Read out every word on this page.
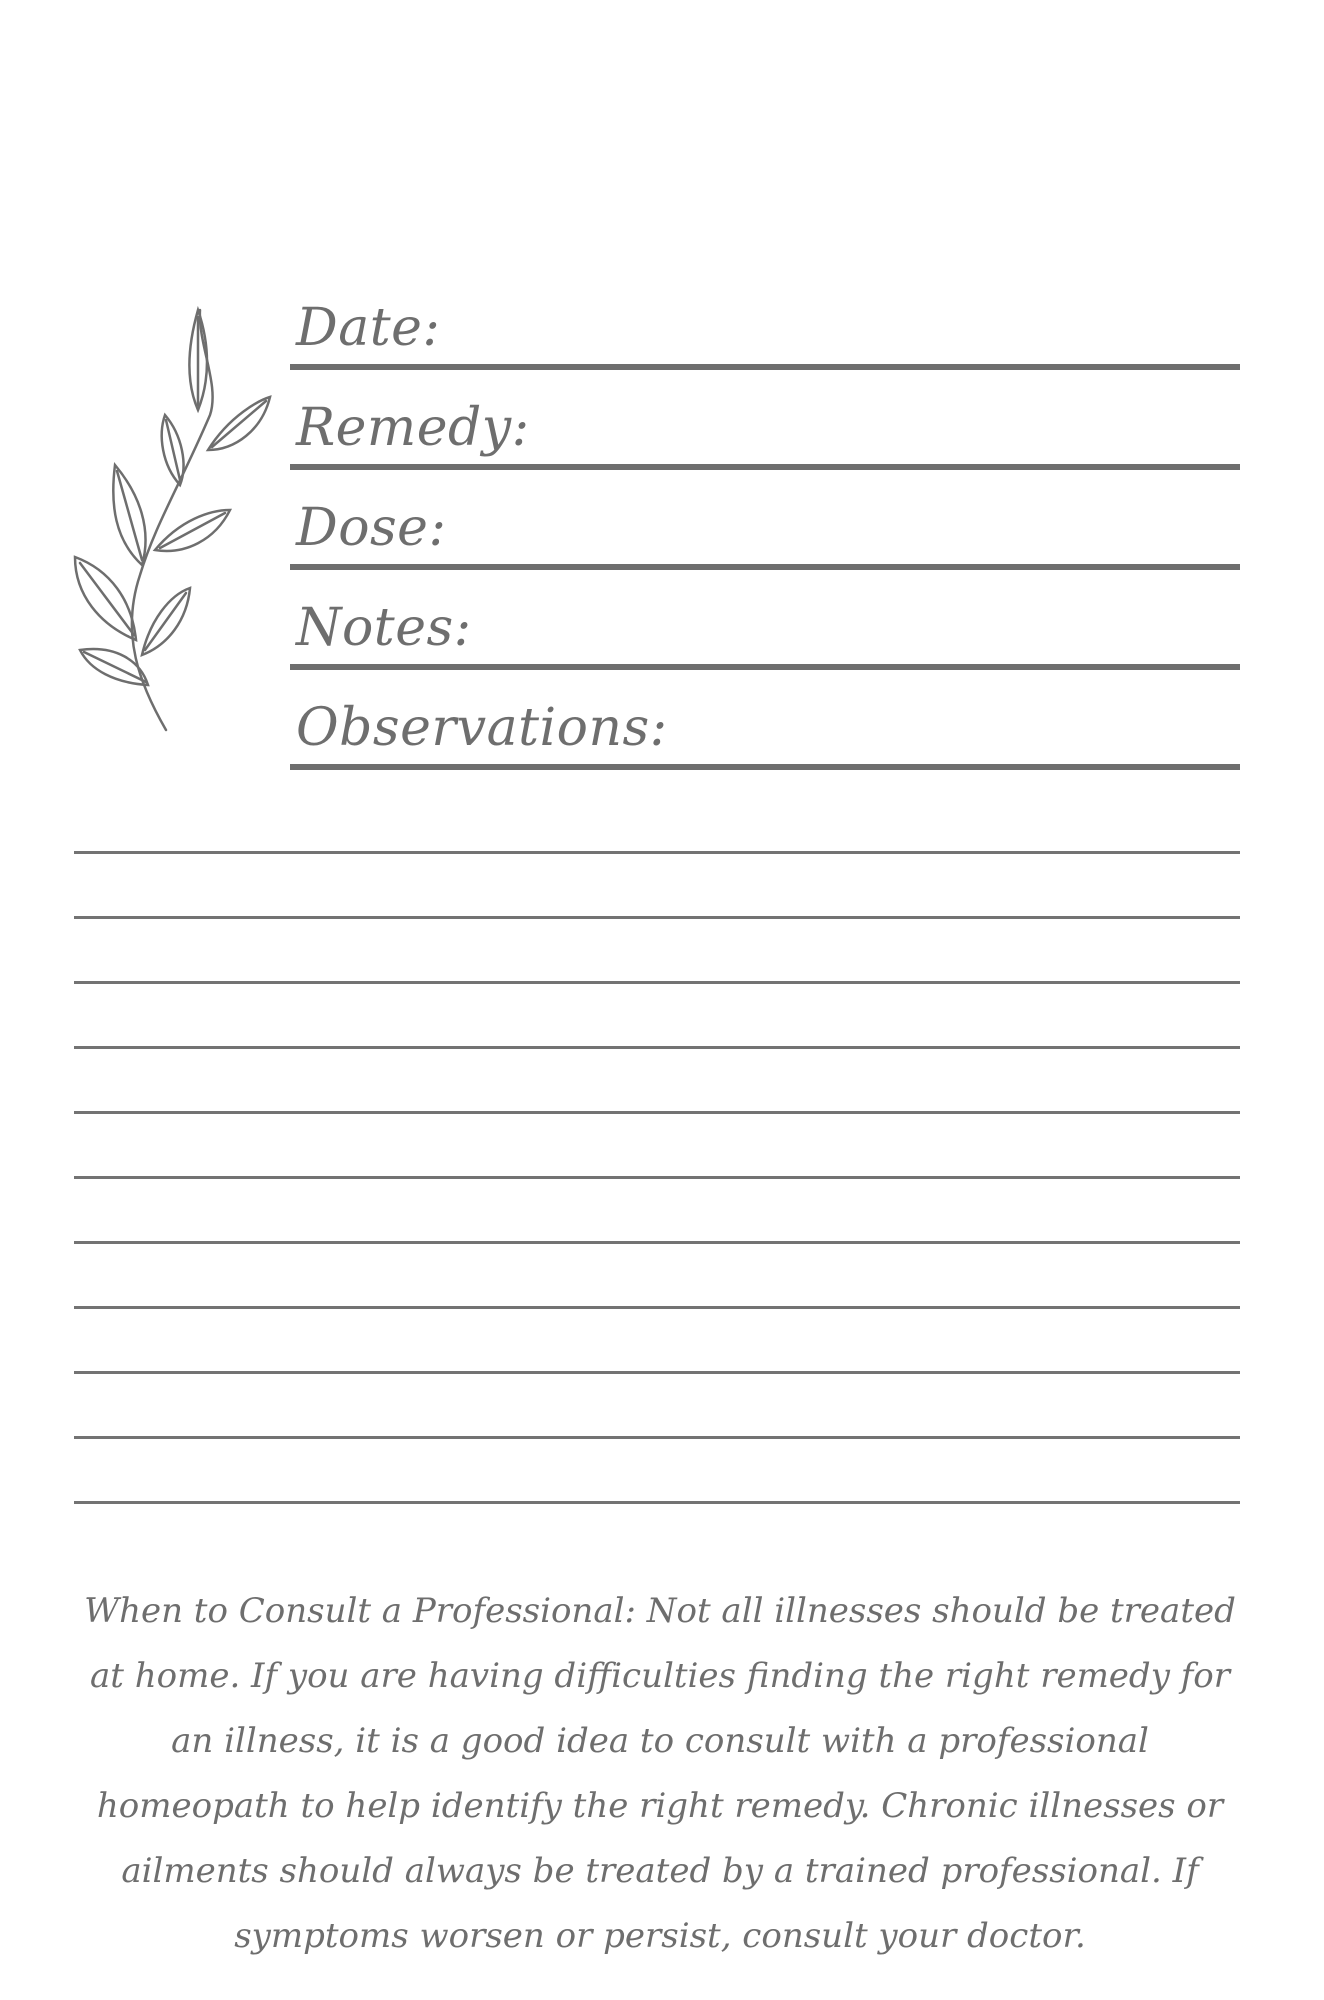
Date:
Remedy:
Dose:
Notes:
Observations:

When to Consult a Professional: Not all illnesses should be treated at home. If you are having difficulties finding the right remedy for an illness, it is a good idea to consult with a professional homeopath to help identify the right remedy. Chronic illnesses or ailments should always be treated by a trained professional. If symptoms worsen or persist, consult your doctor.
